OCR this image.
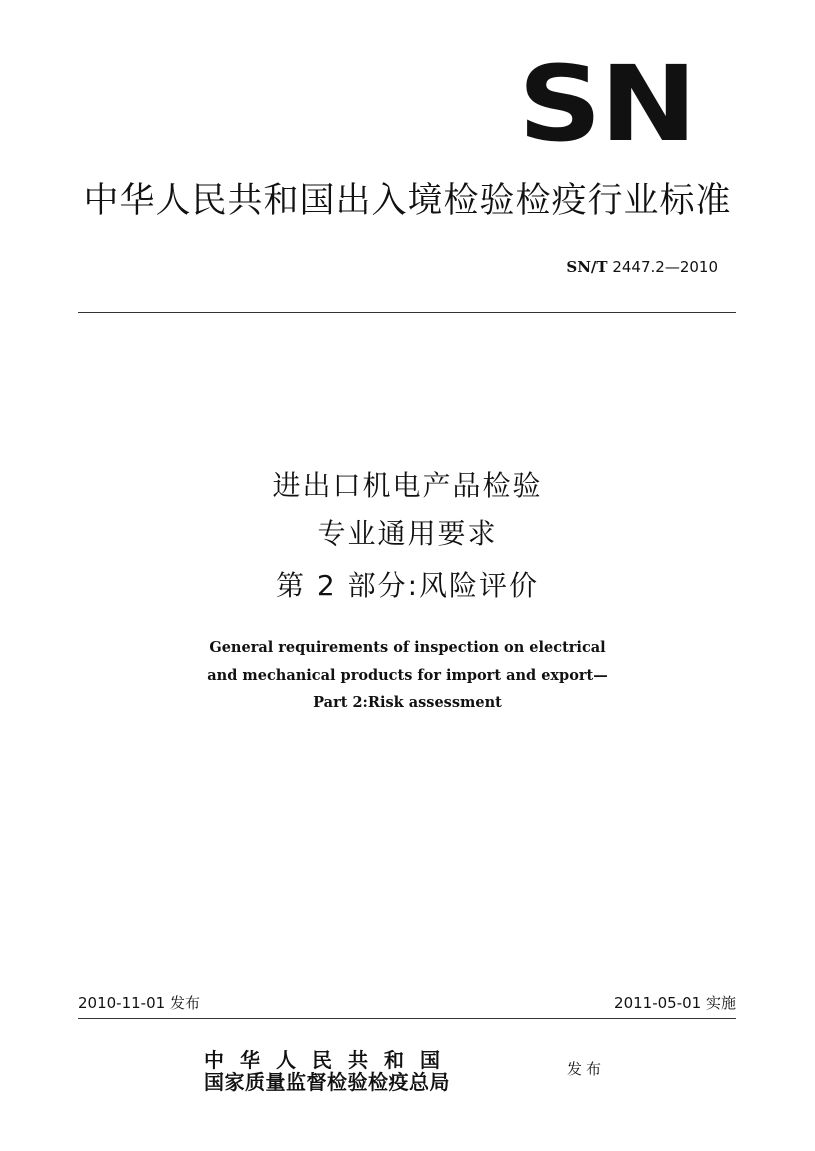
SN
中华人民共和国出入境检验检疫行业标准
SN/T 2447.2—2010
进出口机电产品检验
专业通用要求
第 2 部分:风险评价
General requirements of inspection on electrical
and mechanical products for import and export—
Part 2:Risk assessment
2010-11-01 发布	2011-05-01 实施
中华人民共和国
国家质量监督检验检疫总局
发布
